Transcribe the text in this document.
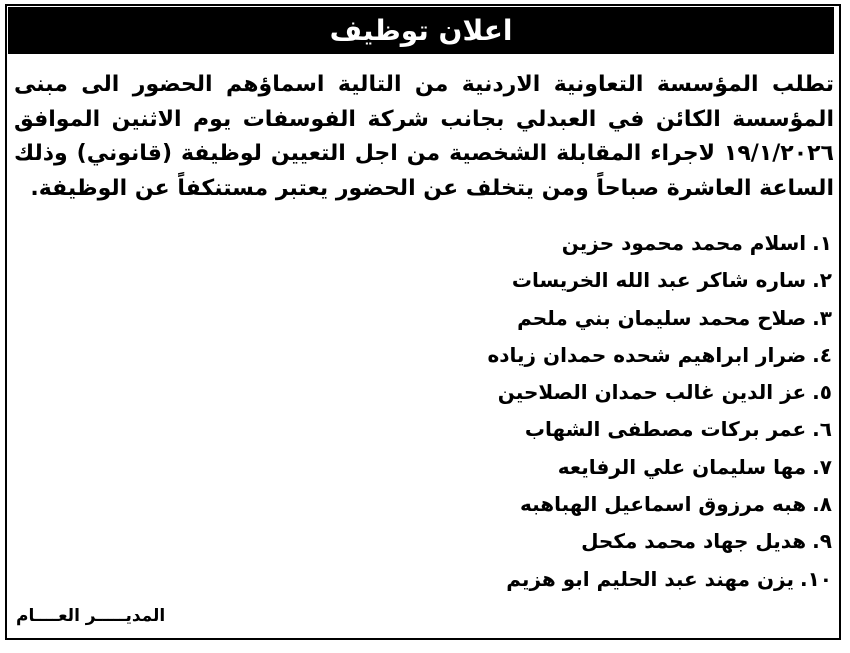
اعلان توظيف
تطلب المؤسسة التعاونية الاردنية من التالية اسماؤهم الحضور الى مبنى المؤسسة الكائن في العبدلي بجانب شركة الفوسفات يوم الاثنين الموافق ١٩/١/٢٠٢٦ لاجراء المقابلة الشخصية من اجل التعيين لوظيفة (قانوني) وذلك الساعة العاشرة صباحاً ومن يتخلف عن الحضور يعتبر مستنكفاً عن الوظيفة.
١.اسلام محمد محمود حزين
٢.ساره شاكر عبد الله الخريسات
٣.صلاح محمد سليمان بني ملحم
٤.ضرار ابراهيم شحده حمدان زياده
٥.عز الدين غالب حمدان الصلاحين
٦.عمر بركات مصطفى الشهاب
٧.مها سليمان علي الرفايعه
٨.هبه مرزوق اسماعيل الهباهبه
٩.هديل جهاد محمد مكحل
١٠.يزن مهند عبد الحليم ابو هزيم
المديـــــر العــــام
